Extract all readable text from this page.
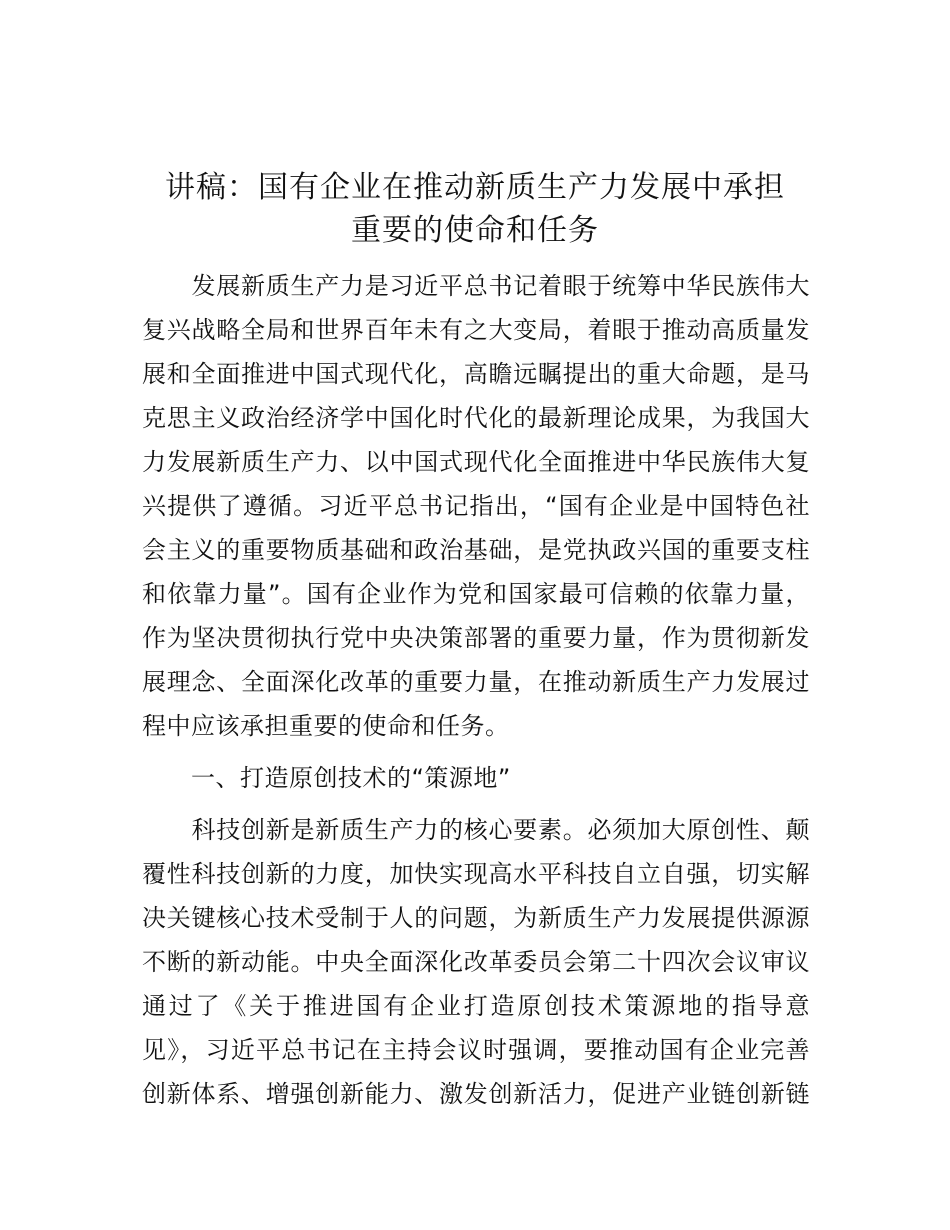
讲稿：国有企业在推动新质生产力发展中承担
重要的使命和任务
　　发展新质生产力是习近平总书记着眼于统筹中华民族伟大
复兴战略全局和世界百年未有之大变局，着眼于推动高质量发
展和全面推进中国式现代化，高瞻远瞩提出的重大命题，是马
克思主义政治经济学中国化时代化的最新理论成果，为我国大
力发展新质生产力、以中国式现代化全面推进中华民族伟大复
兴提供了遵循。习近平总书记指出，“国有企业是中国特色社
会主义的重要物质基础和政治基础，是党执政兴国的重要支柱
和依靠力量”。国有企业作为党和国家最可信赖的依靠力量，
作为坚决贯彻执行党中央决策部署的重要力量，作为贯彻新发
展理念、全面深化改革的重要力量，在推动新质生产力发展过
程中应该承担重要的使命和任务。
　　一、打造原创技术的“策源地”
　　科技创新是新质生产力的核心要素。必须加大原创性、颠
覆性科技创新的力度，加快实现高水平科技自立自强，切实解
决关键核心技术受制于人的问题，为新质生产力发展提供源源
不断的新动能。中央全面深化改革委员会第二十四次会议审议
通过了《关于推进国有企业打造原创技术策源地的指导意
见》，习近平总书记在主持会议时强调，要推动国有企业完善
创新体系、增强创新能力、激发创新活力，促进产业链创新链
